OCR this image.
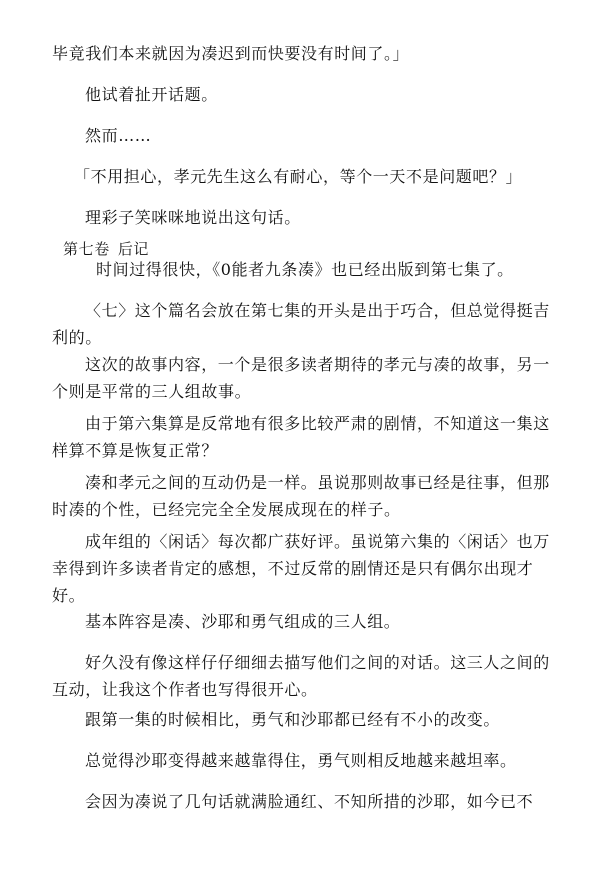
毕竟我们本来就因为凑迟到而快要没有时间了。」

他试着扯开话题。

然而……

「不用担心，孝元先生这么有耐心，等个一天不是问题吧？」

理彩子笑咪咪地说出这句话。

第七卷 后记

时间过得很快，《0能者九条凑》也已经出版到第七集了。

〈七〉这个篇名会放在第七集的开头是出于巧合，但总觉得挺吉利的。

这次的故事内容，一个是很多读者期待的孝元与凑的故事，另一个则是平常的三人组故事。

由于第六集算是反常地有很多比较严肃的剧情，不知道这一集这样算不算是恢复正常？

凑和孝元之间的互动仍是一样。虽说那则故事已经是往事，但那时凑的个性，已经完完全全发展成现在的样子。

成年组的〈闲话〉每次都广获好评。虽说第六集的〈闲话〉也万幸得到许多读者肯定的感想，不过反常的剧情还是只有偶尔出现才好。

基本阵容是凑、沙耶和勇气组成的三人组。

好久没有像这样仔仔细细去描写他们之间的对话。这三人之间的互动，让我这个作者也写得很开心。

跟第一集的时候相比，勇气和沙耶都已经有不小的改变。

总觉得沙耶变得越来越靠得住，勇气则相反地越来越坦率。

会因为凑说了几句话就满脸通红、不知所措的沙耶，如今已不
